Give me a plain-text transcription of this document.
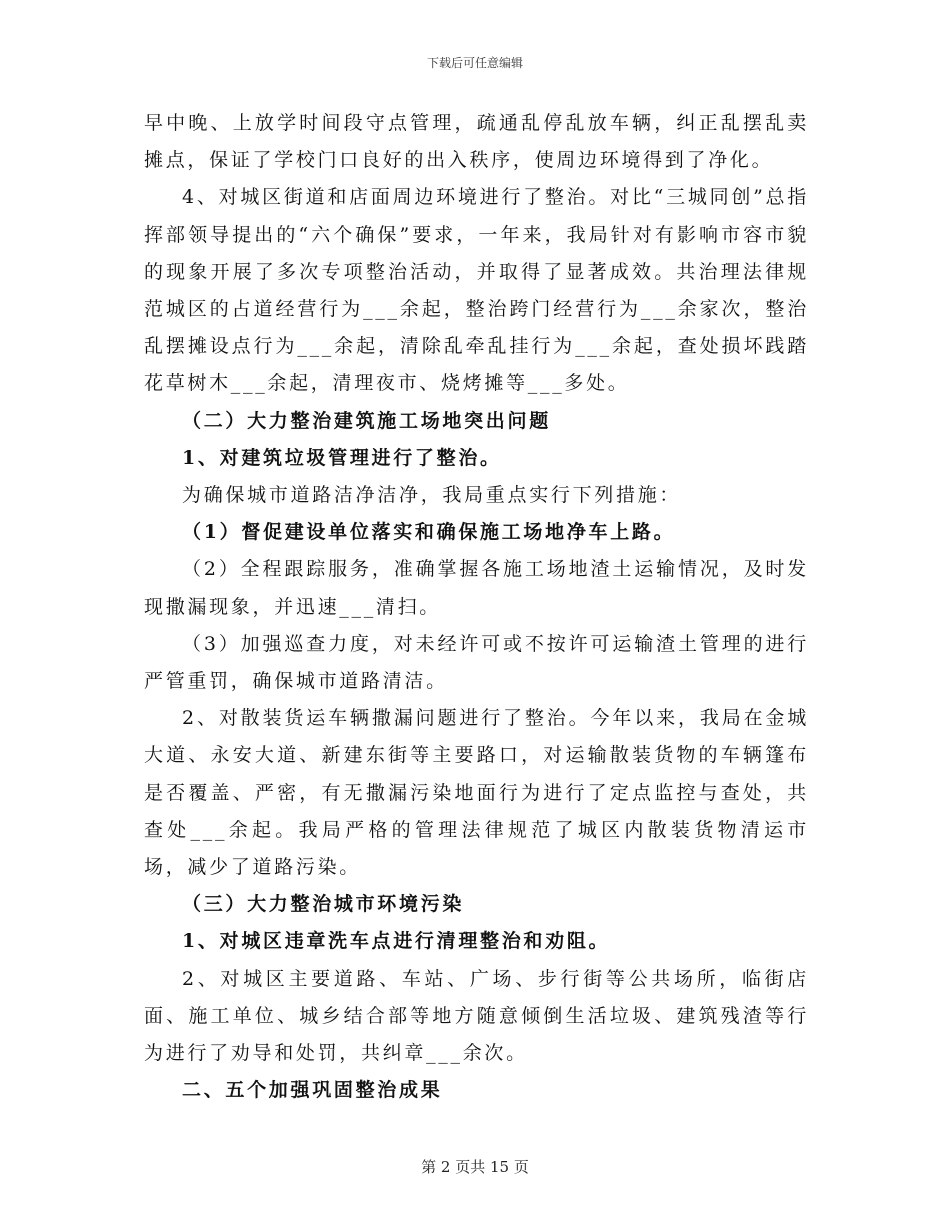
下载后可任意编辑

早中晚、上放学时间段守点管理，疏通乱停乱放车辆，纠正乱摆乱卖摊点，保证了学校门口良好的出入秩序，使周边环境得到了净化。

4、对城区街道和店面周边环境进行了整治。对比“三城同创”总指挥部领导提出的“六个确保”要求，一年来，我局针对有影响市容市貌的现象开展了多次专项整治活动，并取得了显著成效。共治理法律规范城区的占道经营行为___余起，整治跨门经营行为___余家次，整治乱摆摊设点行为___余起，清除乱牵乱挂行为___余起，查处损坏践踏花草树木___余起，清理夜市、烧烤摊等___多处。

（二）大力整治建筑施工场地突出问题

1、对建筑垃圾管理进行了整治。

为确保城市道路洁净洁净，我局重点实行下列措施：

（1）督促建设单位落实和确保施工场地净车上路。

（2）全程跟踪服务，准确掌握各施工场地渣土运输情况，及时发现撒漏现象，并迅速___清扫。

（3）加强巡查力度，对未经许可或不按许可运输渣土管理的进行严管重罚，确保城市道路清洁。

2、对散装货运车辆撒漏问题进行了整治。今年以来，我局在金城大道、永安大道、新建东街等主要路口，对运输散装货物的车辆篷布是否覆盖、严密，有无撒漏污染地面行为进行了定点监控与查处，共查处___余起。我局严格的管理法律规范了城区内散装货物清运市场，减少了道路污染。

（三）大力整治城市环境污染

1、对城区违章洗车点进行清理整治和劝阻。

2、对城区主要道路、车站、广场、步行街等公共场所，临街店面、施工单位、城乡结合部等地方随意倾倒生活垃圾、建筑残渣等行为进行了劝导和处罚，共纠章___余次。

二、五个加强巩固整治成果

第 2 页共 15 页
